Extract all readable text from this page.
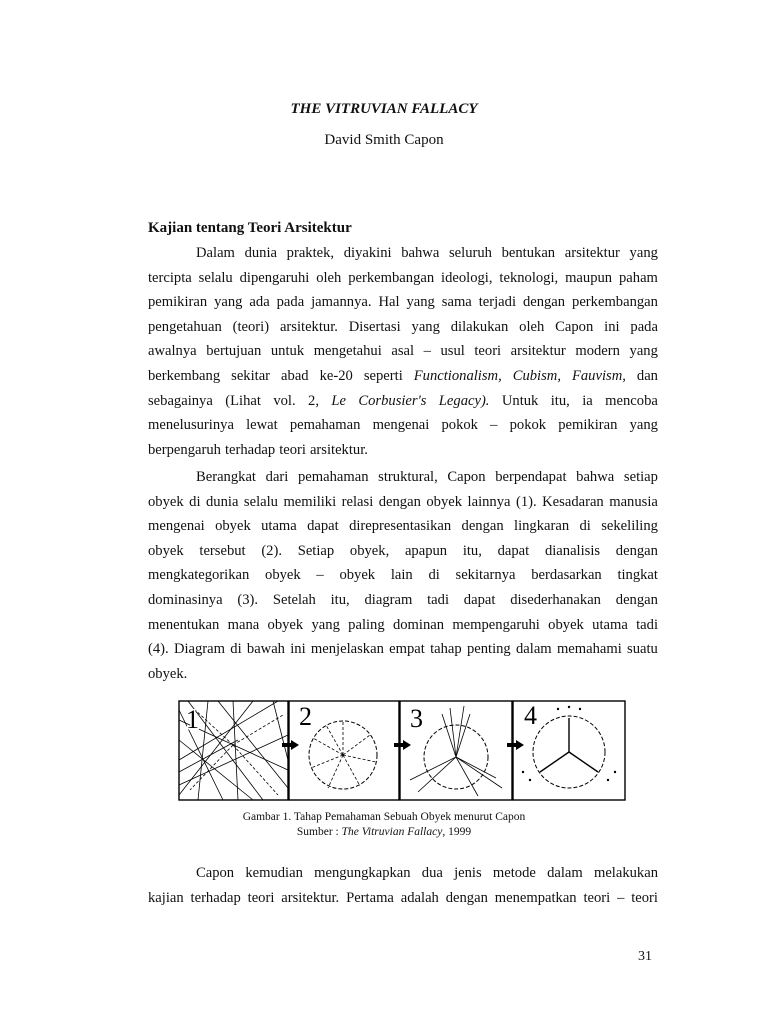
THE VITRUVIAN FALLACY
David Smith Capon
Kajian tentang Teori Arsitektur
Dalam dunia praktek, diyakini bahwa seluruh bentukan arsitektur yang
tercipta selalu dipengaruhi oleh perkembangan ideologi, teknologi, maupun paham
pemikiran yang ada pada jamannya. Hal yang sama terjadi dengan perkembangan
pengetahuan (teori) arsitektur. Disertasi yang dilakukan oleh Capon ini pada
awalnya bertujuan untuk mengetahui asal – usul teori arsitektur modern yang
berkembang sekitar abad ke-20 seperti Functionalism, Cubism, Fauvism, dan
sebagainya (Lihat vol. 2, Le Corbusier's Legacy). Untuk itu, ia mencoba
menelusurinya lewat pemahaman mengenai pokok – pokok pemikiran yang
berpengaruh terhadap teori arsitektur.
Berangkat dari pemahaman struktural, Capon berpendapat bahwa setiap
obyek di dunia selalu memiliki relasi dengan obyek lainnya (1). Kesadaran manusia
mengenai obyek utama dapat direpresentasikan dengan lingkaran di sekeliling
obyek tersebut (2). Setiap obyek, apapun itu, dapat dianalisis dengan
mengkategorikan obyek – obyek lain di sekitarnya berdasarkan tingkat
dominasinya (3). Setelah itu, diagram tadi dapat disederhanakan dengan
menentukan mana obyek yang paling dominan mempengaruhi obyek utama tadi
(4). Diagram di bawah ini menjelaskan empat tahap penting dalam memahami suatu
obyek.
1	2	3	4
Gambar 1. Tahap Pemahaman Sebuah Obyek menurut Capon
Sumber : The Vitruvian Fallacy, 1999
Capon kemudian mengungkapkan dua jenis metode dalam melakukan
kajian terhadap teori arsitektur. Pertama adalah dengan menempatkan teori – teori
31
